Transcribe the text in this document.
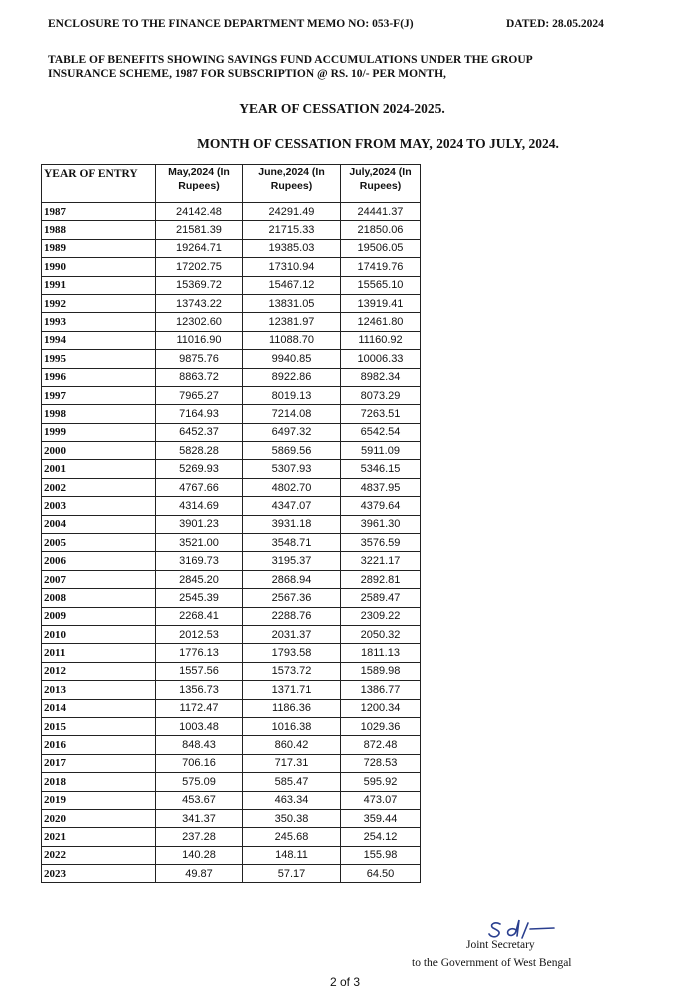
ENCLOSURE TO THE FINANCE DEPARTMENT MEMO NO: 053-F(J)	DATED: 28.05.2024
TABLE OF BENEFITS SHOWING SAVINGS FUND ACCUMULATIONS UNDER THE GROUP
INSURANCE SCHEME, 1987 FOR SUBSCRIPTION @ RS. 10/- PER MONTH,
YEAR OF CESSATION 2024-2025.
MONTH OF CESSATION FROM MAY, 2024 TO JULY, 2024.
YEAR OF ENTRY	May,2024 (In Rupees)	June,2024 (In Rupees)	July,2024 (In Rupees)
1987	24142.48	24291.49	24441.37
1988	21581.39	21715.33	21850.06
1989	19264.71	19385.03	19506.05
1990	17202.75	17310.94	17419.76
1991	15369.72	15467.12	15565.10
1992	13743.22	13831.05	13919.41
1993	12302.60	12381.97	12461.80
1994	11016.90	11088.70	11160.92
1995	9875.76	9940.85	10006.33
1996	8863.72	8922.86	8982.34
1997	7965.27	8019.13	8073.29
1998	7164.93	7214.08	7263.51
1999	6452.37	6497.32	6542.54
2000	5828.28	5869.56	5911.09
2001	5269.93	5307.93	5346.15
2002	4767.66	4802.70	4837.95
2003	4314.69	4347.07	4379.64
2004	3901.23	3931.18	3961.30
2005	3521.00	3548.71	3576.59
2006	3169.73	3195.37	3221.17
2007	2845.20	2868.94	2892.81
2008	2545.39	2567.36	2589.47
2009	2268.41	2288.76	2309.22
2010	2012.53	2031.37	2050.32
2011	1776.13	1793.58	1811.13
2012	1557.56	1573.72	1589.98
2013	1356.73	1371.71	1386.77
2014	1172.47	1186.36	1200.34
2015	1003.48	1016.38	1029.36
2016	848.43	860.42	872.48
2017	706.16	717.31	728.53
2018	575.09	585.47	595.92
2019	453.67	463.34	473.07
2020	341.37	350.38	359.44
2021	237.28	245.68	254.12
2022	140.28	148.11	155.98
2023	49.87	57.17	64.50
Joint Secretary
to the Government of West Bengal
2 of 3
